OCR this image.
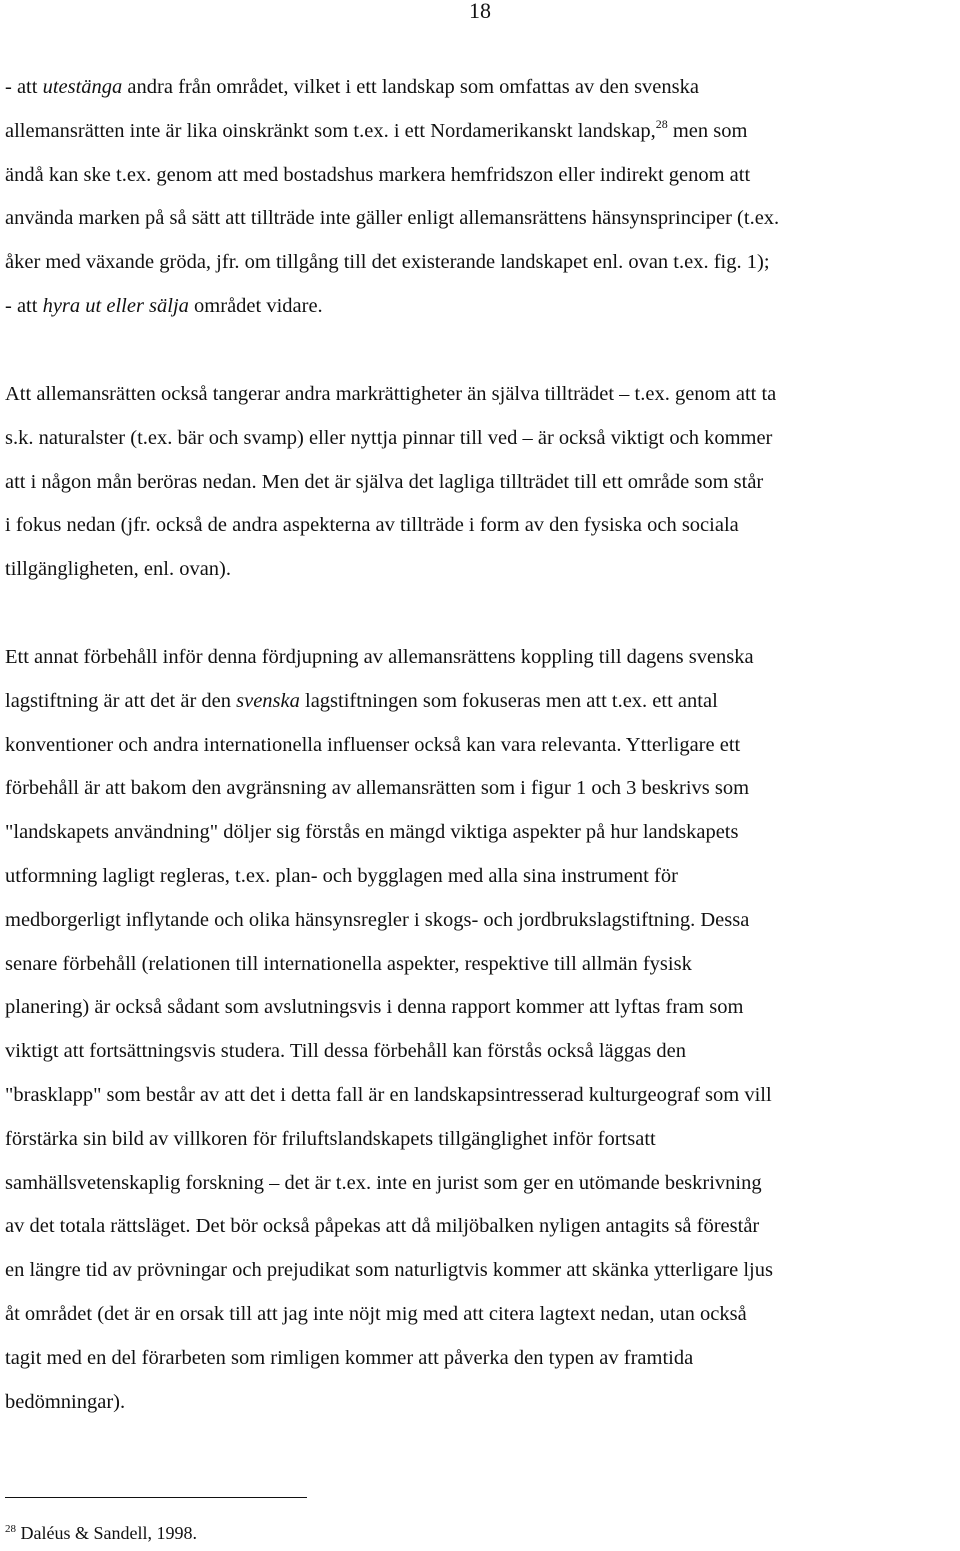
18
- att utestänga andra från området, vilket i ett landskap som omfattas av den svenska
allemansrätten inte är lika oinskränkt som t.ex. i ett Nordamerikanskt landskap,$^{28}$ men som
ändå kan ske t.ex. genom att med bostadshus markera hemfridszon eller indirekt genom att
använda marken på så sätt att tillträde inte gäller enligt allemansrättens hänsynsprinciper (t.ex.
åker med växande gröda, jfr. om tillgång till det existerande landskapet enl. ovan t.ex. fig. 1);
- att hyra ut eller sälja området vidare.
Att allemansrätten också tangerar andra markrättigheter än själva tillträdet – t.ex. genom att ta
s.k. naturalster (t.ex. bär och svamp) eller nyttja pinnar till ved – är också viktigt och kommer
att i någon mån beröras nedan. Men det är själva det lagliga tillträdet till ett område som står
i fokus nedan (jfr. också de andra aspekterna av tillträde i form av den fysiska och sociala
tillgängligheten, enl. ovan).
Ett annat förbehåll inför denna fördjupning av allemansrättens koppling till dagens svenska
lagstiftning är att det är den svenska lagstiftningen som fokuseras men att t.ex. ett antal
konventioner och andra internationella influenser också kan vara relevanta. Ytterligare ett
förbehåll är att bakom den avgränsning av allemansrätten som i figur 1 och 3 beskrivs som
"landskapets användning" döljer sig förstås en mängd viktiga aspekter på hur landskapets
utformning lagligt regleras, t.ex. plan- och bygglagen med alla sina instrument för
medborgerligt inflytande och olika hänsynsregler i skogs- och jordbrukslagstiftning. Dessa
senare förbehåll (relationen till internationella aspekter, respektive till allmän fysisk
planering) är också sådant som avslutningsvis i denna rapport kommer att lyftas fram som
viktigt att fortsättningsvis studera. Till dessa förbehåll kan förstås också läggas den
"brasklapp" som består av att det i detta fall är en landskapsintresserad kulturgeograf som vill
förstärka sin bild av villkoren för friluftslandskapets tillgänglighet inför fortsatt
samhällsvetenskaplig forskning – det är t.ex. inte en jurist som ger en utömande beskrivning
av det totala rättsläget. Det bör också påpekas att då miljöbalken nyligen antagits så förestår
en längre tid av prövningar och prejudikat som naturligtvis kommer att skänka ytterligare ljus
åt området (det är en orsak till att jag inte nöjt mig med att citera lagtext nedan, utan också
tagit med en del förarbeten som rimligen kommer att påverka den typen av framtida
bedömningar).
$^{28}$ Daléus & Sandell, 1998.
